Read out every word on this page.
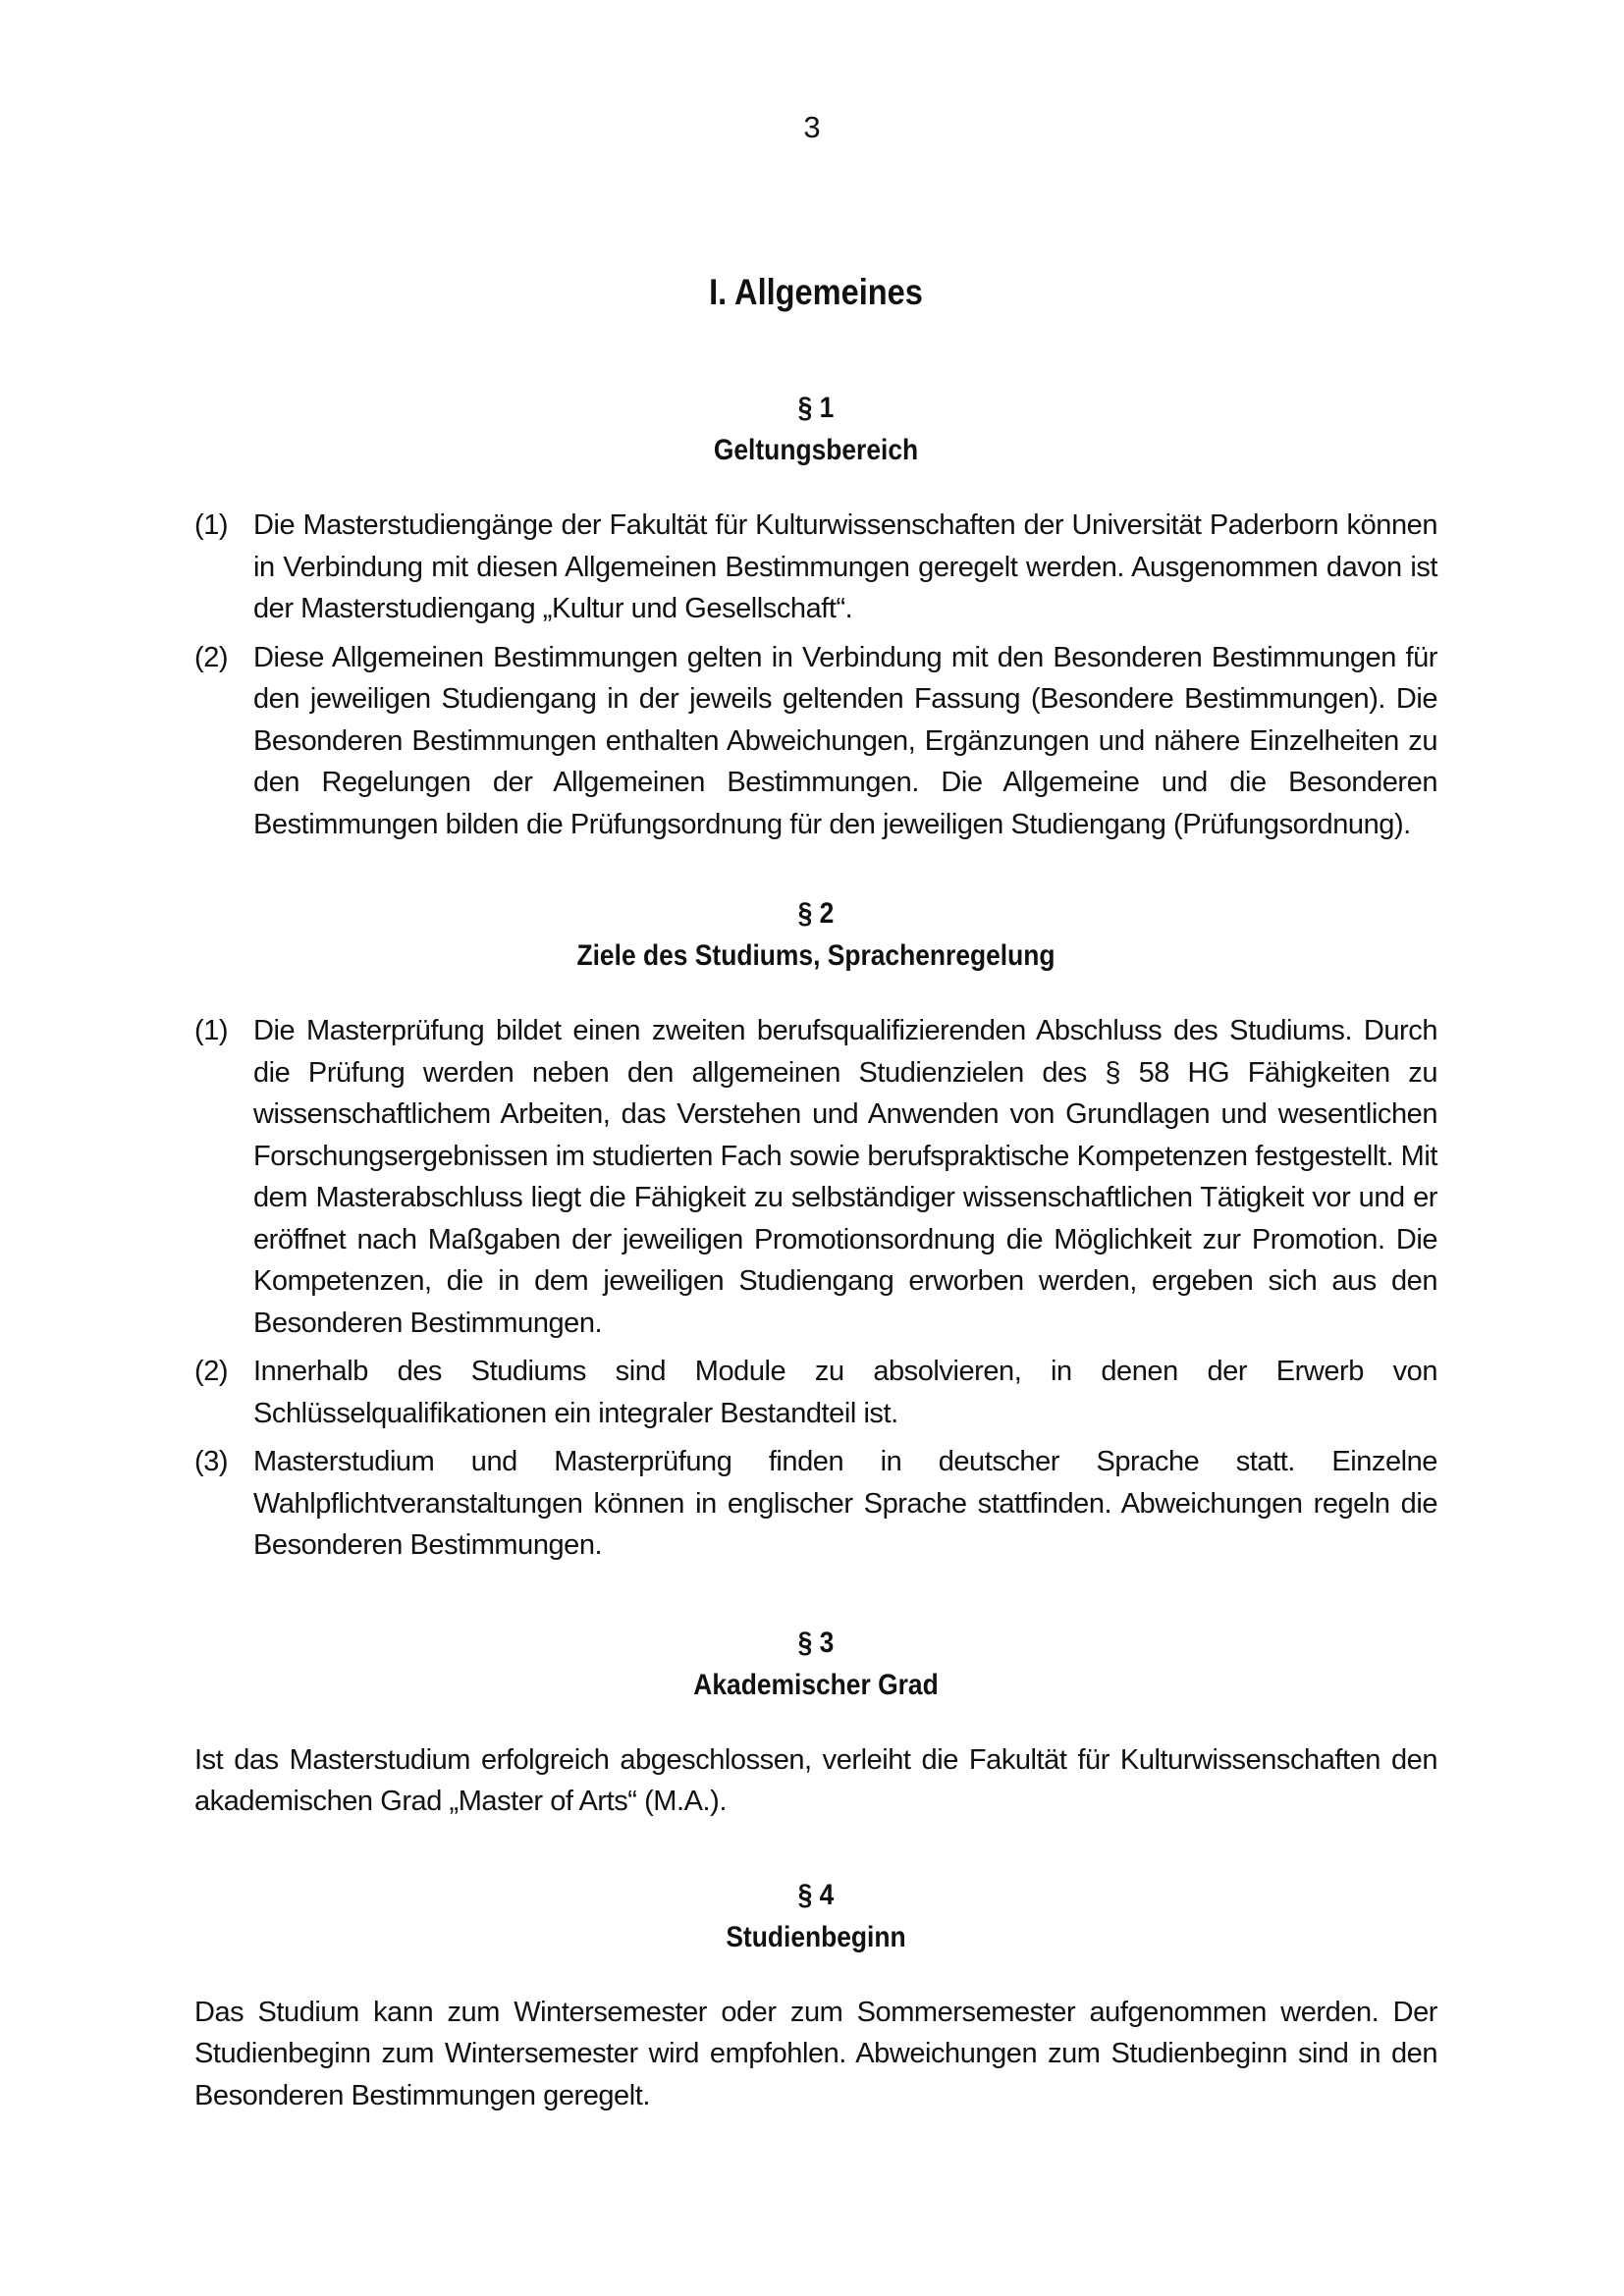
3
I. Allgemeines
§ 1
Geltungsbereich
(1) Die Masterstudiengänge der Fakultät für Kulturwissenschaften der Universität Paderborn können in Verbindung mit diesen Allgemeinen Bestimmungen geregelt werden. Ausgenommen davon ist der Masterstudiengang „Kultur und Gesellschaft“.
(2) Diese Allgemeinen Bestimmungen gelten in Verbindung mit den Besonderen Bestimmungen für den jeweiligen Studiengang in der jeweils geltenden Fassung (Besondere Bestimmungen). Die Besonderen Bestimmungen enthalten Abweichungen, Ergänzungen und nähere Einzelheiten zu den Regelungen der Allgemeinen Bestimmungen. Die Allgemeine und die Besonderen Bestimmungen bilden die Prüfungsordnung für den jeweiligen Studiengang (Prüfungsordnung).
§ 2
Ziele des Studiums, Sprachenregelung
(1) Die Masterprüfung bildet einen zweiten berufsqualifizierenden Abschluss des Studiums. Durch die Prüfung werden neben den allgemeinen Studienzielen des § 58 HG Fähigkeiten zu wissenschaftlichem Arbeiten, das Verstehen und Anwenden von Grundlagen und wesentlichen Forschungsergebnissen im studierten Fach sowie berufspraktische Kompetenzen festgestellt. Mit dem Masterabschluss liegt die Fähigkeit zu selbständiger wissenschaftlichen Tätigkeit vor und er eröffnet nach Maßgaben der jeweiligen Promotionsordnung die Möglichkeit zur Promotion. Die Kompetenzen, die in dem jeweiligen Studiengang erworben werden, ergeben sich aus den Besonderen Bestimmungen.
(2) Innerhalb des Studiums sind Module zu absolvieren, in denen der Erwerb von Schlüsselqualifikationen ein integraler Bestandteil ist.
(3) Masterstudium und Masterprüfung finden in deutscher Sprache statt. Einzelne Wahlpflichtveranstaltungen können in englischer Sprache stattfinden. Abweichungen regeln die Besonderen Bestimmungen.
§ 3
Akademischer Grad
Ist das Masterstudium erfolgreich abgeschlossen, verleiht die Fakultät für Kulturwissenschaften den akademischen Grad „Master of Arts“ (M.A.).
§ 4
Studienbeginn
Das Studium kann zum Wintersemester oder zum Sommersemester aufgenommen werden. Der Studienbeginn zum Wintersemester wird empfohlen. Abweichungen zum Studienbeginn sind in den Besonderen Bestimmungen geregelt.
